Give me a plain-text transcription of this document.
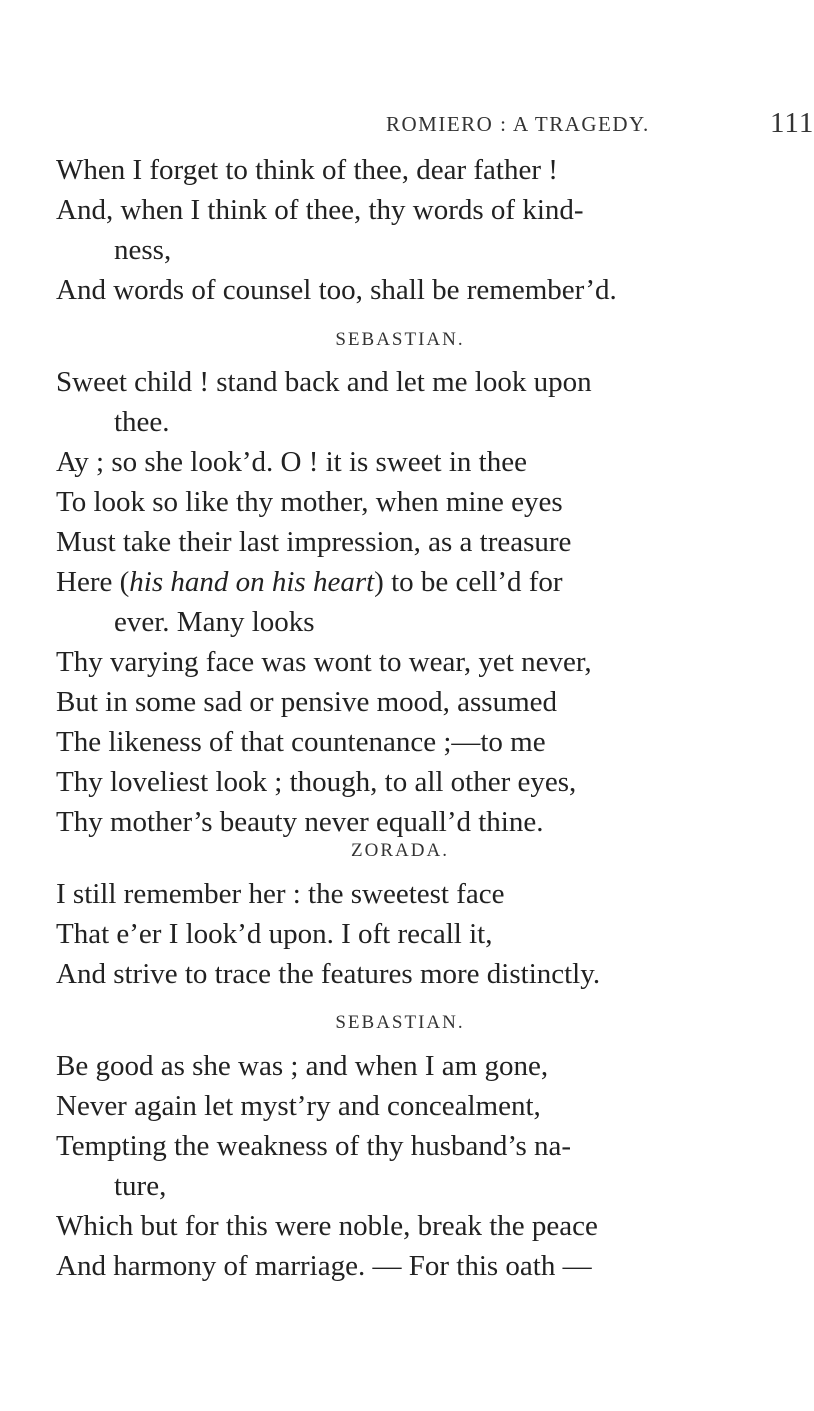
ROMIERO : A TRAGEDY.	111
When I forget to think of thee, dear father !
And, when I think of thee, thy words of kind-
ness,
And words of counsel too, shall be remember’d.
SEBASTIAN.
Sweet child ! stand back and let me look upon
thee.
Ay ; so she look’d. O ! it is sweet in thee
To look so like thy mother, when mine eyes
Must take their last impression, as a treasure
Here (his hand on his heart) to be cell’d for
ever. Many looks
Thy varying face was wont to wear, yet never,
But in some sad or pensive mood, assumed
The likeness of that countenance ;—to me
Thy loveliest look ; though, to all other eyes,
Thy mother’s beauty never equall’d thine.
ZORADA.
I still remember her : the sweetest face
That e’er I look’d upon. I oft recall it,
And strive to trace the features more distinctly.
SEBASTIAN.
Be good as she was ; and when I am gone,
Never again let myst’ry and concealment,
Tempting the weakness of thy husband’s na-
ture,
Which but for this were noble, break the peace
And harmony of marriage. — For this oath —
